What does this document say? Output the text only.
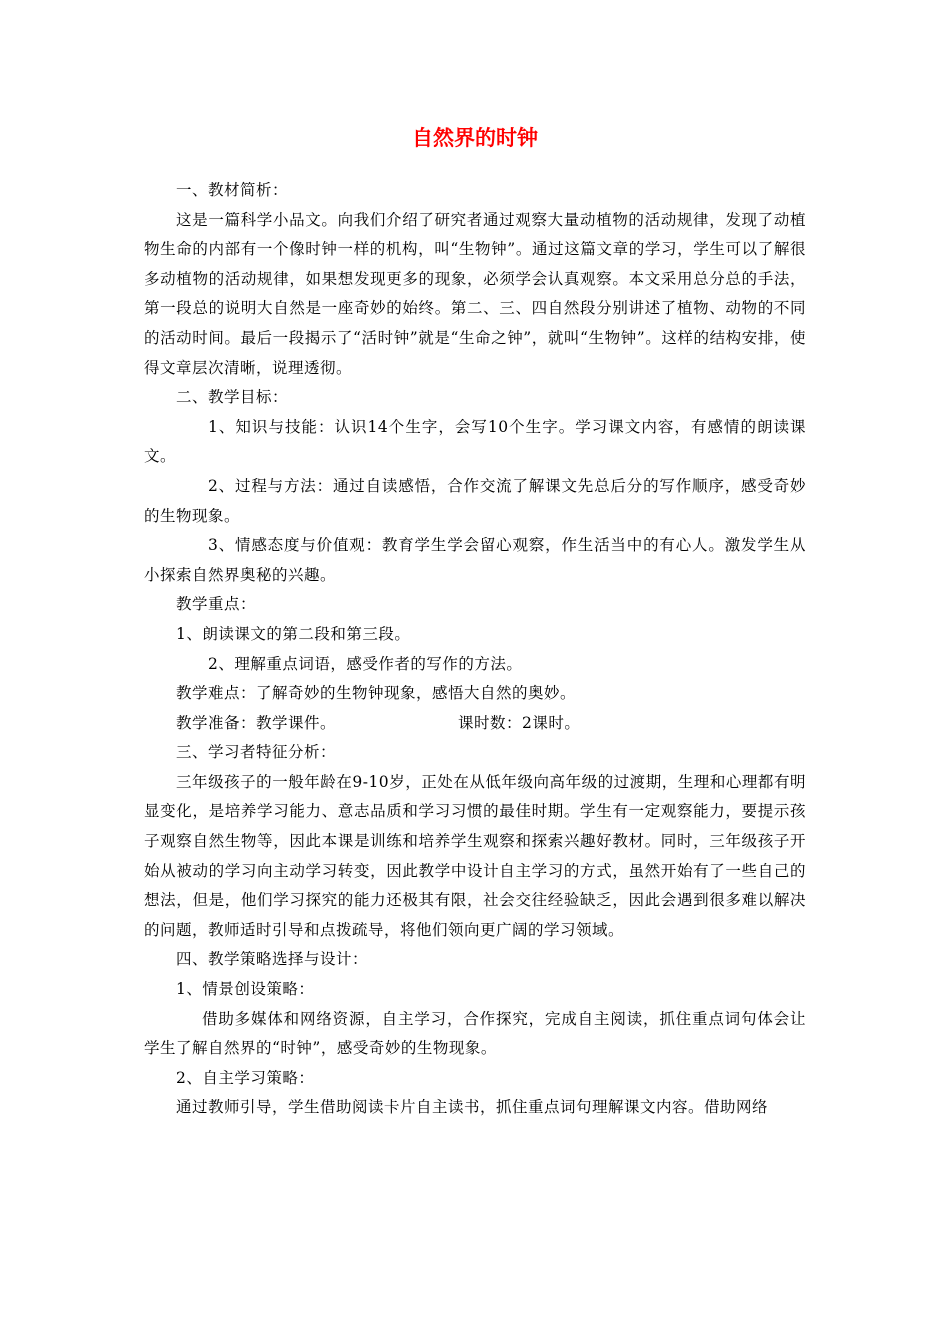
自然界的时钟

一、教材简析：

这是一篇科学小品文。向我们介绍了研究者通过观察大量动植物的活动规律，发现了动植物生命的内部有一个像时钟一样的机构，叫“生物钟”。通过这篇文章的学习，学生可以了解很多动植物的活动规律，如果想发现更多的现象，必须学会认真观察。本文采用总分总的手法，第一段总的说明大自然是一座奇妙的始终。第二、三、四自然段分别讲述了植物、动物的不同的活动时间。最后一段揭示了“活时钟”就是“生命之钟”，就叫“生物钟”。这样的结构安排，使得文章层次清晰，说理透彻。

二、教学目标：

1、知识与技能：认识14个生字，会写10个生字。学习课文内容，有感情的朗读课文。

2、过程与方法：通过自读感悟，合作交流了解课文先总后分的写作顺序，感受奇妙的生物现象。

3、情感态度与价值观：教育学生学会留心观察，作生活当中的有心人。激发学生从小探索自然界奥秘的兴趣。

教学重点：

1、朗读课文的第二段和第三段。

2、理解重点词语，感受作者的写作的方法。

教学难点：了解奇妙的生物钟现象，感悟大自然的奥妙。

教学准备：教学课件。	课时数：2课时。

三、学习者特征分析：

三年级孩子的一般年龄在9-10岁，正处在从低年级向高年级的过渡期，生理和心理都有明显变化，是培养学习能力、意志品质和学习习惯的最佳时期。学生有一定观察能力，要提示孩子观察自然生物等，因此本课是训练和培养学生观察和探索兴趣好教材。同时，三年级孩子开始从被动的学习向主动学习转变，因此教学中设计自主学习的方式，虽然开始有了一些自己的想法，但是，他们学习探究的能力还极其有限，社会交往经验缺乏，因此会遇到很多难以解决的问题，教师适时引导和点拨疏导，将他们领向更广阔的学习领域。

四、教学策略选择与设计：

1、情景创设策略：

借助多媒体和网络资源，自主学习，合作探究，完成自主阅读，抓住重点词句体会让学生了解自然界的“时钟”，感受奇妙的生物现象。

2、自主学习策略：

通过教师引导，学生借助阅读卡片自主读书，抓住重点词句理解课文内容。借助网络
